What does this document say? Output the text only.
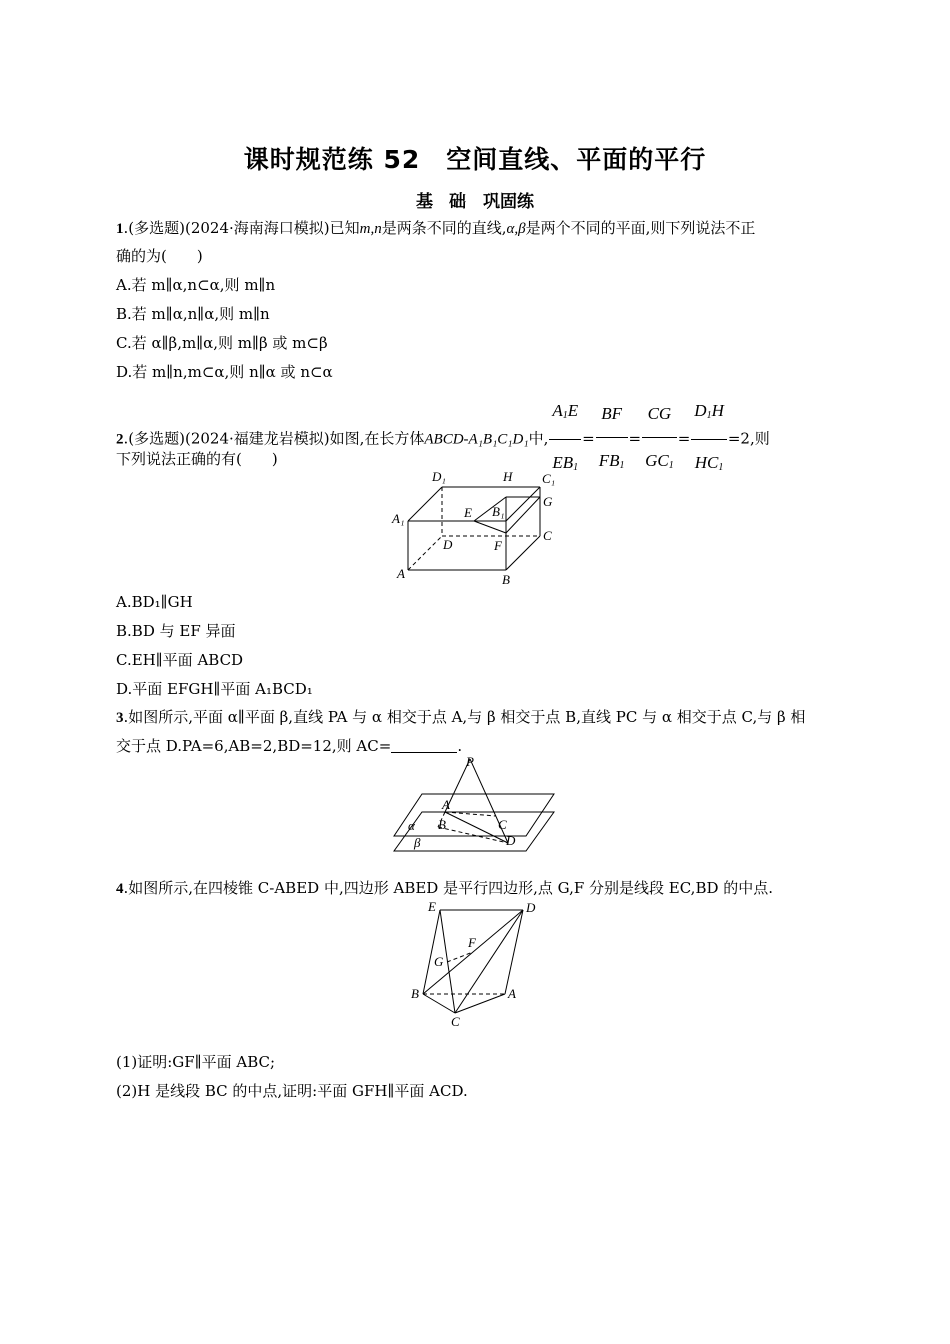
课时规范练 52　空间直线、平面的平行
基 础　巩固练
1.(多选题)(2024·海南海口模拟)已知m,n是两条不同的直线,α,β是两个不同的平面,则下列说法不正
确的为(　　)
A.若 m∥α,n⊂α,则 m∥n
B.若 m∥α,n∥α,则 m∥n
C.若 α∥β,m∥α,则 m∥β 或 m⊂β
D.若 m∥n,m⊂α,则 n∥α 或 n⊂α
2.(多选题)(2024·福建龙岩模拟)如图,在长方体ABCD-A₁B₁C₁D₁中, $\frac{A_1E}{EB_1} = \frac{BF}{FB_1} = \frac{CG}{GC_1} = \frac{D_1H}{HC_1} =2$,则
下列说法正确的有(　　)
D₁	H C₁
G
A₁	E B₁
D	F
C
A	B
A.BD₁∥GH
B.BD 与 EF 异面
C.EH∥平面 ABCD
D.平面 EFGH∥平面 A₁BCD₁
3.如图所示,平面 α∥平面 β,直线 PA 与 α 相交于点 A,与 β 相交于点 B,直线 PC 与 α 相交于点 C,与 β 相
交于点 D.PA=6,AB=2,BD=12,则 AC=	.
P
A
α B	C
β	D
4.如图所示,在四棱锥 C-ABED 中,四边形 ABED 是平行四边形,点 G,F 分别是线段 EC,BD 的中点.
E	D
F
G
B	A
C
(1)证明:GF∥平面 ABC;
(2)H 是线段 BC 的中点,证明:平面 GFH∥平面 ACD.
